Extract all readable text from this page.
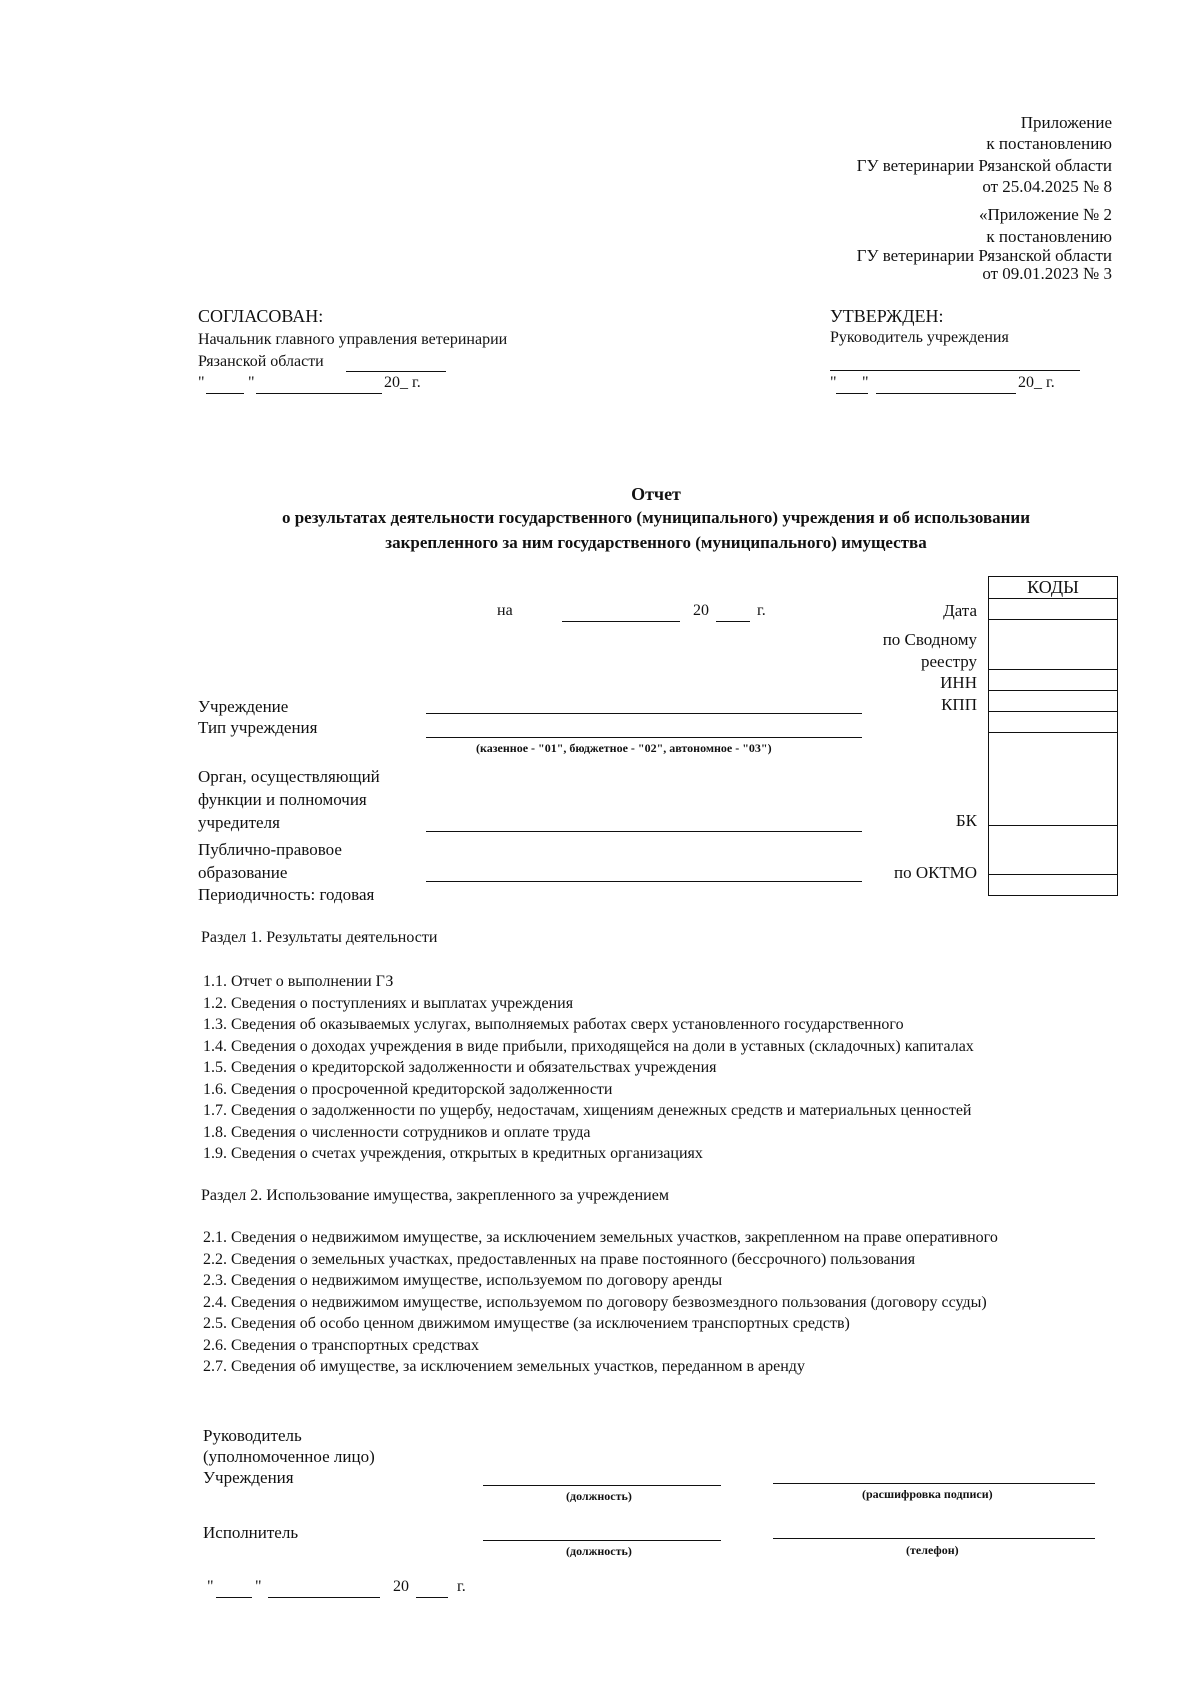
Приложение
к постановлению
ГУ ветеринарии Рязанской области
от 25.04.2025 № 8
«Приложение № 2
к постановлению
ГУ ветеринарии Рязанской области
от 09.01.2023 № 3
СОГЛАСОВАН:
Начальник главного управления ветеринарии
Рязанской области
"	"	20_ г.
УТВЕРЖДЕН:
Руководитель учреждения
" "	20_ г.
Отчет
о результатах деятельности государственного (муниципального) учреждения и об использовании
закрепленного за ним государственного (муниципального) имущества
на	20	г.	Дата
по Сводному
реестру
ИНН
КПП
БК
по ОКТМО
КОДЫ

Учреждение
Тип учреждения
(казенное - "01", бюджетное - "02", автономное - "03")
Орган, осуществляющий
функции и полномочия
учредителя
Публично-правовое
образование
Периодичность: годовая
Раздел 1. Результаты деятельности
1.1. Отчет о выполнении ГЗ
1.2. Сведения о поступлениях и выплатах учреждения
1.3. Сведения об оказываемых услугах, выполняемых работах сверх установленного государственного
1.4. Сведения о доходах учреждения в виде прибыли, приходящейся на доли в уставных (складочных) капиталах
1.5. Сведения о кредиторской задолженности и обязательствах учреждения
1.6. Сведения о просроченной кредиторской задолженности
1.7. Сведения о задолженности по ущербу, недостачам, хищениям денежных средств и материальных ценностей
1.8. Сведения о численности сотрудников и оплате труда
1.9. Сведения о счетах учреждения, открытых в кредитных организациях
Раздел 2. Использование имущества, закрепленного за учреждением
2.1. Сведения о недвижимом имуществе, за исключением земельных участков, закрепленном на праве оперативного
2.2. Сведения о земельных участках, предоставленных на праве постоянного (бессрочного) пользования
2.3. Сведения о недвижимом имуществе, используемом по договору аренды
2.4. Сведения о недвижимом имуществе, используемом по договору безвозмездного пользования (договору ссуды)
2.5. Сведения об особо ценном движимом имуществе (за исключением транспортных средств)
2.6. Сведения о транспортных средствах
2.7. Сведения об имуществе, за исключением земельных участков, переданном в аренду
Руководитель
(уполномоченное лицо)
Учреждения
(должность)	(расшифровка подписи)
Исполнитель
(должность)	(телефон)
"	"	20	г.
